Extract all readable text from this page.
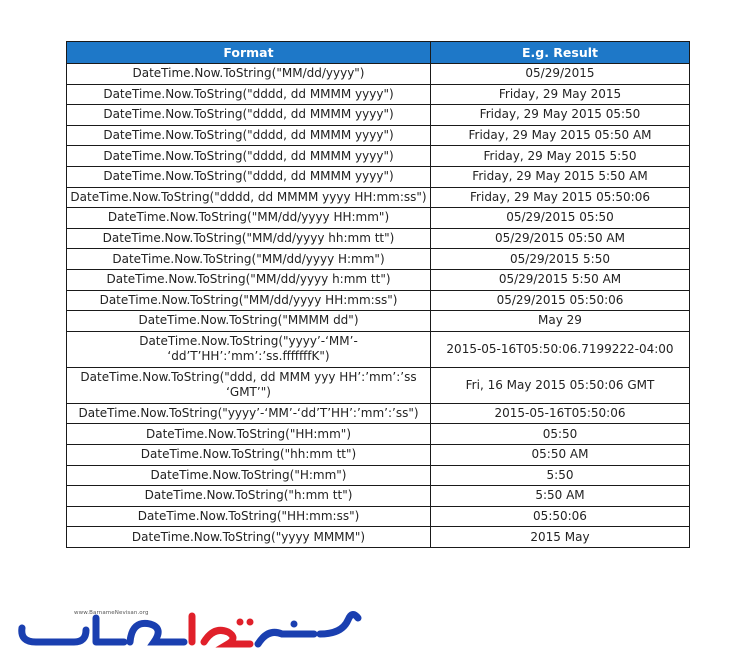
Format	E.g. Result
DateTime.Now.ToString("MM/dd/yyyy")	05/29/2015
DateTime.Now.ToString("dddd, dd MMMM yyyy")	Friday, 29 May 2015
DateTime.Now.ToString("dddd, dd MMMM yyyy")	Friday, 29 May 2015 05:50
DateTime.Now.ToString("dddd, dd MMMM yyyy")	Friday, 29 May 2015 05:50 AM
DateTime.Now.ToString("dddd, dd MMMM yyyy")	Friday, 29 May 2015 5:50
DateTime.Now.ToString("dddd, dd MMMM yyyy")	Friday, 29 May 2015 5:50 AM
DateTime.Now.ToString("dddd, dd MMMM yyyy HH:mm:ss")	Friday, 29 May 2015 05:50:06
DateTime.Now.ToString("MM/dd/yyyy HH:mm")	05/29/2015 05:50
DateTime.Now.ToString("MM/dd/yyyy hh:mm tt")	05/29/2015 05:50 AM
DateTime.Now.ToString("MM/dd/yyyy H:mm")	05/29/2015 5:50
DateTime.Now.ToString("MM/dd/yyyy h:mm tt")	05/29/2015 5:50 AM
DateTime.Now.ToString("MM/dd/yyyy HH:mm:ss")	05/29/2015 05:50:06
DateTime.Now.ToString("MMMM dd")	May 29
DateTime.Now.ToString("yyyy’-‘MM’-
‘dd’T’HH’:’mm’:’ss.fffffffK")	2015-05-16T05:50:06.7199222-04:00
DateTime.Now.ToString("ddd, dd MMM yyy HH’:’mm’:’ss
‘GMT’")	Fri, 16 May 2015 05:50:06 GMT
DateTime.Now.ToString("yyyy’-‘MM’-‘dd’T’HH’:’mm’:’ss")	2015-05-16T05:50:06
DateTime.Now.ToString("HH:mm")	05:50
DateTime.Now.ToString("hh:mm tt")	05:50 AM
DateTime.Now.ToString("H:mm")	5:50
DateTime.Now.ToString("h:mm tt")	5:50 AM
DateTime.Now.ToString("HH:mm:ss")	05:50:06
DateTime.Now.ToString("yyyy MMMM")	2015 May
www.BarnameNevisan.org
